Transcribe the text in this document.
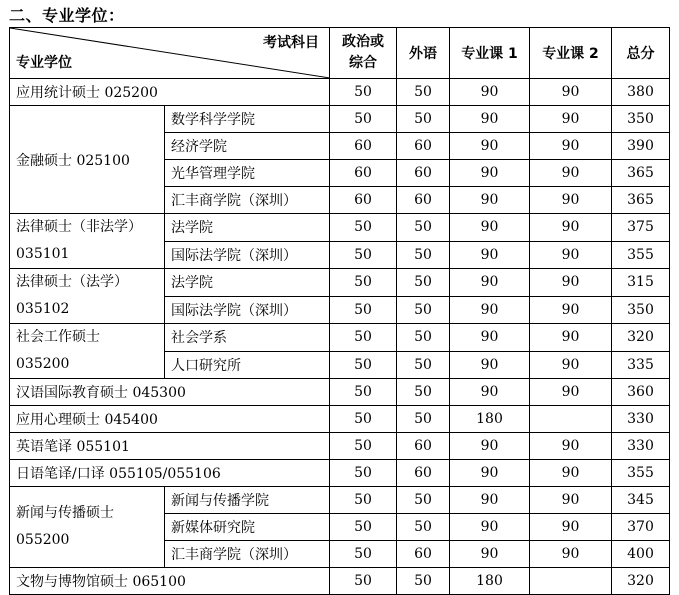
二、专业学位：
考试科目
专业学位		政治或
综合	外语	专业课 1	专业课 2	总分
应用统计硕士 025200		50	50	90	90	380
金融硕士 025100	数学科学学院	50	50	90	90	350
	经济学院	60	60	90	90	390
	光华管理学院	60	60	90	90	365
	汇丰商学院（深圳）	60	60	90	90	365
法律硕士（非法学）
035101	法学院	50	50	90	90	375
	国际法学院（深圳）	50	50	90	90	355
法律硕士（法学）
035102	法学院	50	50	90	90	315
	国际法学院（深圳）	50	50	90	90	350
社会工作硕士
035200	社会学系	50	50	90	90	320
	人口研究所	50	50	90	90	335
汉语国际教育硕士 045300		50	50	90	90	360
应用心理硕士 045400		50	50	180		330
英语笔译 055101		50	60	90	90	330
日语笔译/口译 055105/055106		50	60	90	90	355
新闻与传播硕士
055200	新闻与传播学院	50	50	90	90	345
	新媒体研究院	50	50	90	90	370
	汇丰商学院（深圳）	50	60	90	90	400
文物与博物馆硕士 065100		50	50	180		320
